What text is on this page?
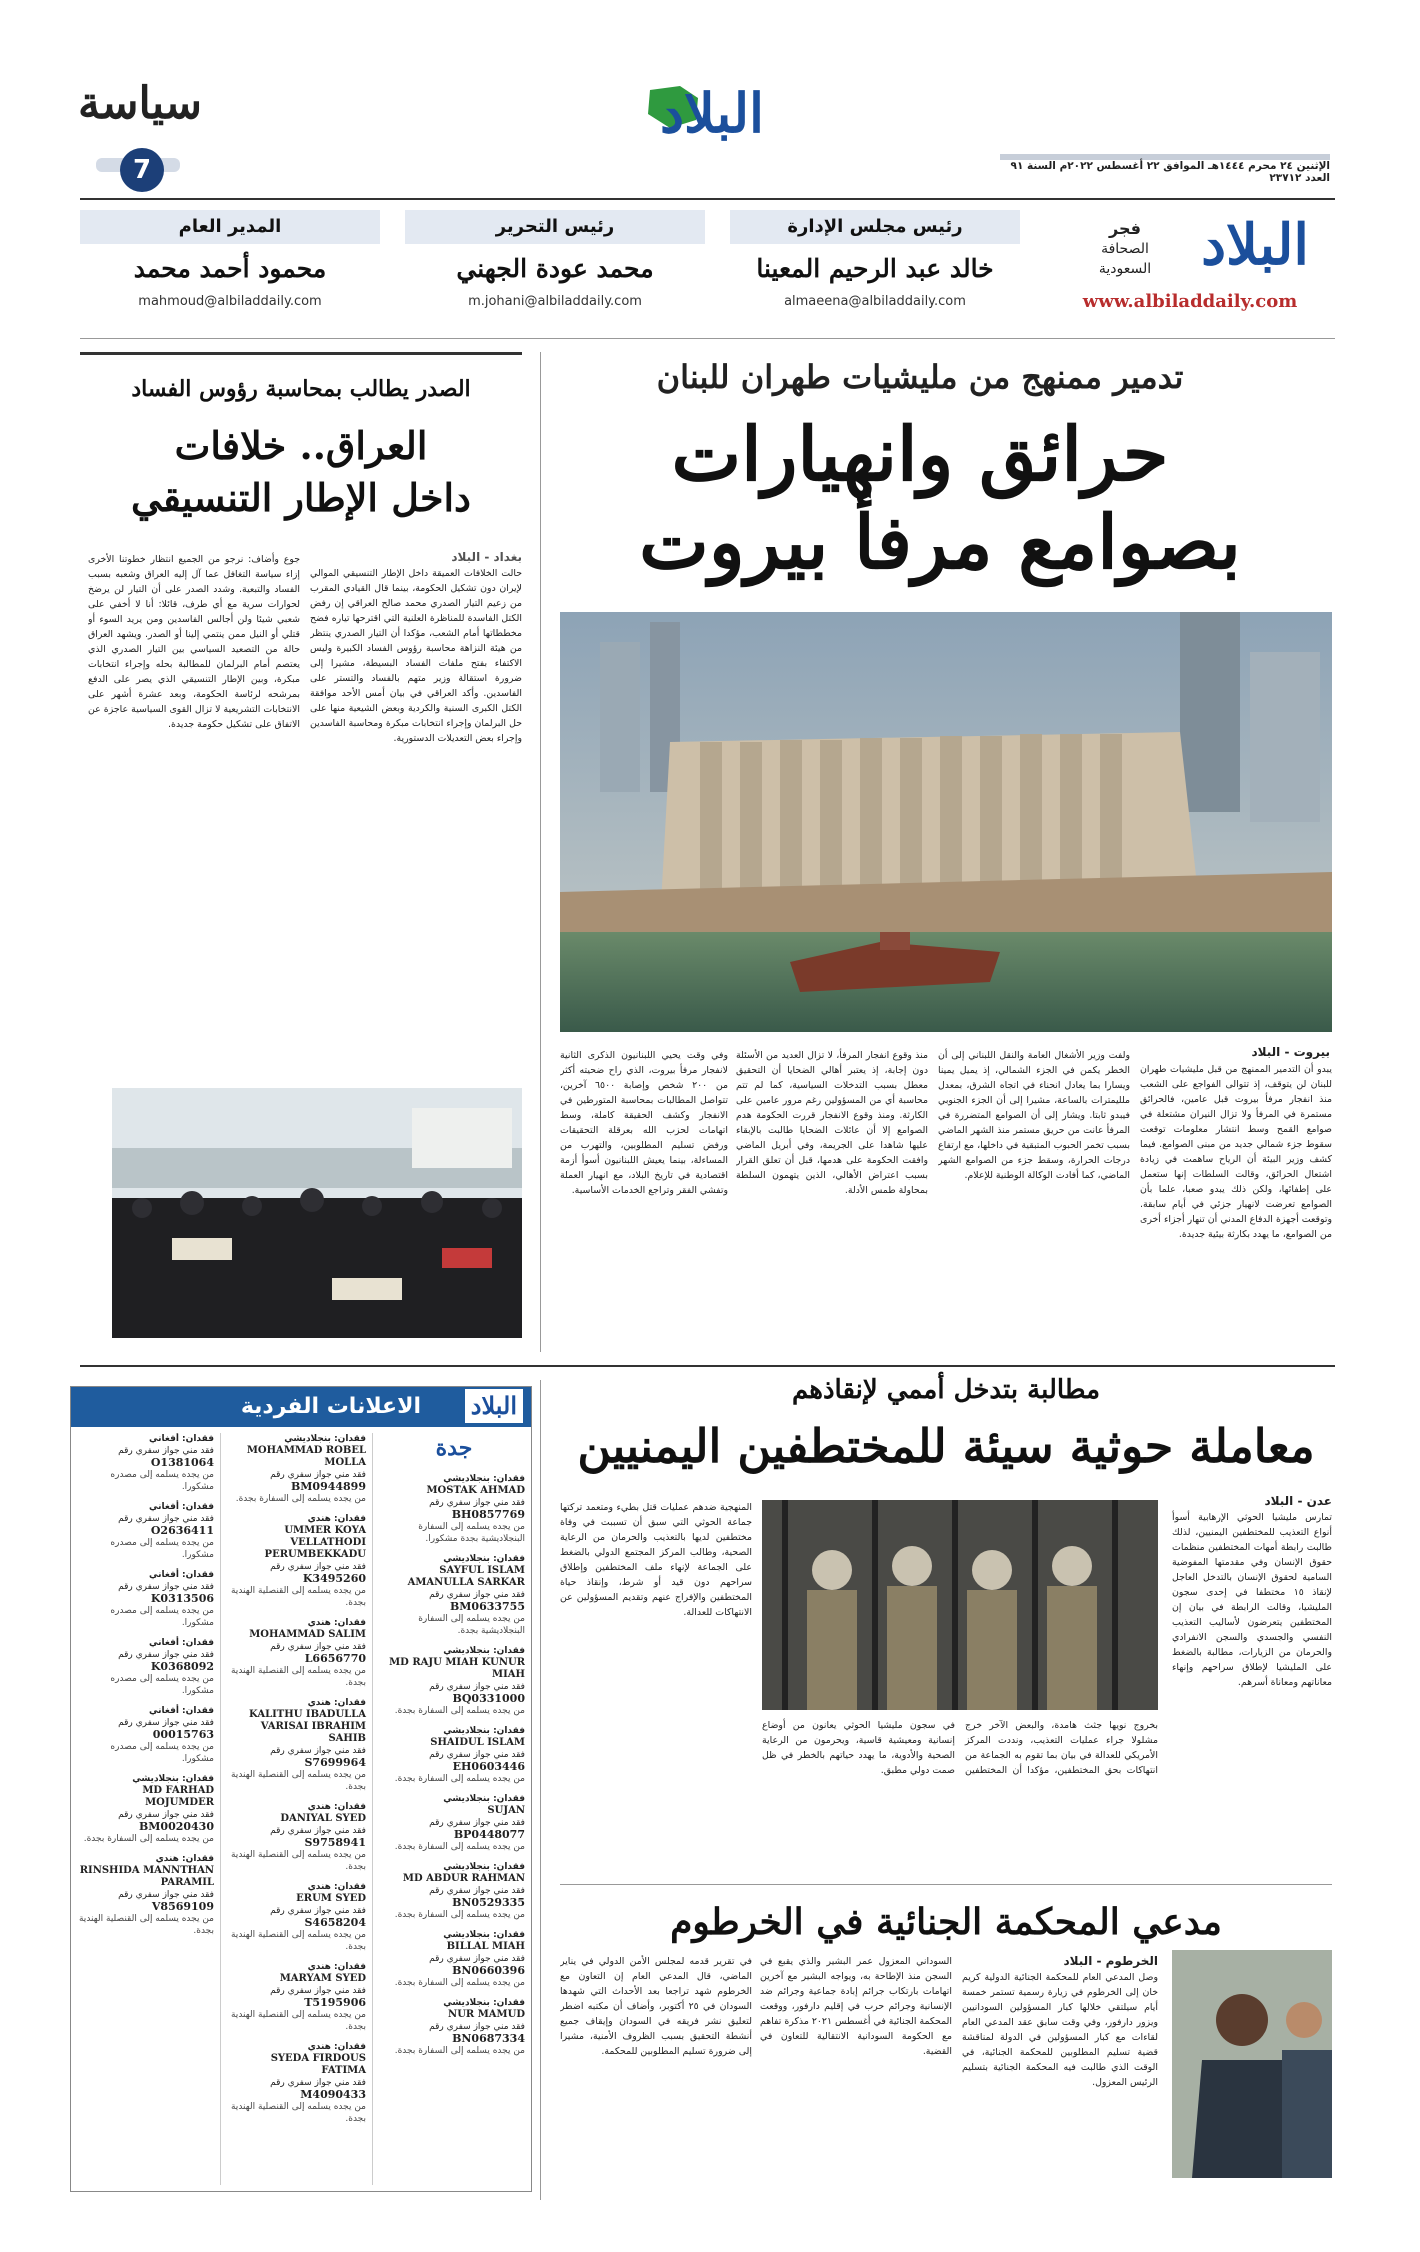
سياسة
7
البلاد
الإثنين ٢٤ محرم ١٤٤٤هـ الموافق ٢٢ أغسطس ٢٠٢٢م السنة ٩١ العدد ٢٣٧١٢
البلاد
فجر
الصحافة
السعودية
www.albiladdaily.com
رئيس مجلس الإدارة
خالد عبد الرحيم المعينا
almaeena@albiladdaily.com
رئيس التحرير
محمد عودة الجهني
m.johani@albiladdaily.com
المدير العام
محمود أحمد محمد
mahmoud@albiladdaily.com
تدمير ممنهج من مليشيات طهران للبنان
حرائق وانهيارات
بصوامع مرفأ بيروت
بيروت - البلاد
يبدو أن التدمير الممنهج من قبل مليشيات طهران للبنان لن يتوقف، إذ تتوالى الفواجع على الشعب منذ انفجار مرفأ بيروت قبل عامين، فالحرائق مستمرة في المرفأ ولا تزال النيران مشتعلة في صوامع القمح وسط انتشار معلومات توقعت سقوط جزء شمالي جديد من مبنى الصوامع. فيما كشف وزير البيئة أن الرياح ساهمت في زيادة اشتعال الحرائق، وقالت السلطات إنها ستعمل على إطفائها، ولكن ذلك يبدو صعبا، علما بأن الصوامع تعرضت لانهيار جزئي في أيام سابقة. وتوقعت أجهزة الدفاع المدني أن تنهار أجزاء أخرى من الصوامع، ما يهدد بكارثة بيئية جديدة.
ولفت وزير الأشغال العامة والنقل اللبناني إلى أن الخطر يكمن في الجزء الشمالي، إذ يميل يمينا ويسارا بما يعادل انحناء في اتجاه الشرق، بمعدل ملليمترات بالساعة، مشيرا إلى أن الجزء الجنوبي فيبدو ثابتا. ويشار إلى أن الصوامع المتضررة في المرفأ عانت من حريق مستمر منذ الشهر الماضي بسبب تخمر الحبوب المتبقية في داخلها، مع ارتفاع درجات الحرارة، وسقط جزء من الصوامع الشهر الماضي، كما أفادت الوكالة الوطنية للإعلام.
منذ وقوع انفجار المرفأ، لا تزال العديد من الأسئلة دون إجابة، إذ يعتبر أهالي الضحايا أن التحقيق معطل بسبب التدخلات السياسية، كما لم تتم محاسبة أي من المسؤولين رغم مرور عامين على الكارثة. ومنذ وقوع الانفجار قررت الحكومة هدم الصوامع إلا أن عائلات الضحايا طالبت بالإبقاء عليها شاهدا على الجريمة، وفي أبريل الماضي وافقت الحكومة على هدمها، قبل أن تعلق القرار بسبب اعتراض الأهالي، الذين يتهمون السلطة بمحاولة طمس الأدلة.
وفي وقت يحيي اللبنانيون الذكرى الثانية لانفجار مرفأ بيروت، الذي راح ضحيته أكثر من ٢٠٠ شخص وإصابة ٦٥٠٠ آخرين، تتواصل المطالبات بمحاسبة المتورطين في الانفجار وكشف الحقيقة كاملة، وسط اتهامات لحزب الله بعرقلة التحقيقات ورفض تسليم المطلوبين، والتهرب من المساءلة، بينما يعيش اللبنانيون أسوأ أزمة اقتصادية في تاريخ البلاد، مع انهيار العملة وتفشي الفقر وتراجع الخدمات الأساسية.
الصدر يطالب بمحاسبة رؤوس الفساد
العراق.. خلافات
داخل الإطار التنسيقي
بغداد - البلاد
حالت الخلافات العميقة داخل الإطار التنسيقي الموالي لإيران دون تشكيل الحكومة، بينما قال القيادي المقرب من زعيم التيار الصدري محمد صالح العراقي إن رفض الكتل الفاسدة للمناظرة العلنية التي اقترحها تياره فضح مخططاتها أمام الشعب، مؤكدا أن التيار الصدري ينتظر من هيئة النزاهة محاسبة رؤوس الفساد الكبيرة وليس الاكتفاء بفتح ملفات الفساد البسيطة، مشيرا إلى ضرورة استقالة وزير متهم بالفساد والتستر على الفاسدين. وأكد العراقي في بيان أمس الأحد موافقة الكتل الكبرى السنية والكردية وبعض الشيعية منها على حل البرلمان وإجراء انتخابات مبكرة ومحاسبة الفاسدين وإجراء بعض التعديلات الدستورية.
جوع وأضاف: نرجو من الجميع انتظار خطوتنا الأخرى إزاء سياسة التغافل عما آل إليه العراق وشعبه بسبب الفساد والتبعية. وشدد الصدر على أن التيار لن يرضخ لحوارات سرية مع أي طرف، قائلا: أنا لا أخفي على شعبي شيئا ولن أجالس الفاسدين ومن يريد السوء أو قتلي أو النيل ممن ينتمي إلينا أو الصدر. ويشهد العراق حالة من التصعيد السياسي بين التيار الصدري الذي يعتصم أمام البرلمان للمطالبة بحله وإجراء انتخابات مبكرة، وبين الإطار التنسيقي الذي يصر على الدفع بمرشحه لرئاسة الحكومة، وبعد عشرة أشهر على الانتخابات التشريعية لا تزال القوى السياسية عاجزة عن الاتفاق على تشكيل حكومة جديدة.
مطالبة بتدخل أممي لإنقاذهم
معاملة حوثية سيئة للمختطفين اليمنيين
عدن - البلاد
تمارس مليشيا الحوثي الإرهابية أسوأ أنواع التعذيب للمختطفين اليمنيين، لذلك طالبت رابطة أمهات المختطفين منظمات حقوق الإنسان وفي مقدمتها المفوضية السامية لحقوق الإنسان بالتدخل العاجل لإنقاذ ١٥ مختطفا في إحدى سجون المليشيا، وقالت الرابطة في بيان إن المختطفين يتعرضون لأساليب التعذيب النفسي والجسدي والسجن الانفرادي والحرمان من الزيارات، مطالبة بالضغط على المليشيا لإطلاق سراحهم وإنهاء معاناتهم ومعاناة أسرهم.
بخروج نويها جثث هامدة، والبعض الآخر خرج مشلولا جراء عمليات التعذيب، ونددت المركز الأمريكي للعدالة في بيان بما تقوم به الجماعة من انتهاكات بحق المختطفين، مؤكدا أن المختطفين في سجون مليشيا الحوثي يعانون من أوضاع إنسانية ومعيشية قاسية، ويحرمون من الرعاية الصحية والأدوية، ما يهدد حياتهم بالخطر في ظل صمت دولي مطبق.
المنهجية ضدهم عمليات قتل بطيء ومتعمد تركتها جماعة الحوثي التي سبق أن تسببت في وفاة مختطفين لديها بالتعذيب والحرمان من الرعاية الصحية، وطالب المركز المجتمع الدولي بالضغط على الجماعة لإنهاء ملف المختطفين وإطلاق سراحهم دون قيد أو شرط، وإنقاذ حياة المختطفين والإفراج عنهم وتقديم المسؤولين عن الانتهاكات للعدالة.
مدعي المحكمة الجنائية في الخرطوم
الخرطوم - البلاد
وصل المدعي العام للمحكمة الجنائية الدولية كريم خان إلى الخرطوم في زيارة رسمية تستمر خمسة أيام سيلتقي خلالها كبار المسؤولين السودانيين ويزور دارفور، وفي وقت سابق عقد المدعي العام لقاءات مع كبار المسؤولين في الدولة لمناقشة قضية تسليم المطلوبين للمحكمة الجنائية، في الوقت الذي طالبت فيه المحكمة الجنائية بتسليم الرئيس المعزول.
السوداني المعزول عمر البشير والذي يقبع في السجن منذ الإطاحة به، ويواجه البشير مع آخرين اتهامات بارتكاب جرائم إبادة جماعية وجرائم ضد الإنسانية وجرائم حرب في إقليم دارفور، ووقعت المحكمة الجنائية في أغسطس ٢٠٢١ مذكرة تفاهم مع الحكومة السودانية الانتقالية للتعاون في القضية.
في تقرير قدمه لمجلس الأمن الدولي في يناير الماضي، قال المدعي العام إن التعاون مع الخرطوم شهد تراجعا بعد الأحداث التي شهدها السودان في ٢٥ أكتوبر، وأضاف أن مكتبه اضطر لتعليق نشر فريقه في السودان وإيقاف جميع أنشطة التحقيق بسبب الظروف الأمنية، مشيرا إلى ضرورة تسليم المطلوبين للمحكمة.
البلاد
الاعلانات الفردية
جدة
فقدان: بنجلاديشي
MOSTAK AHMAD
فقد مني جواز سفري رقم
BH0857769
من يجده يسلمه إلى السفارة البنجلاديشية بجدة مشكورا.
فقدان: بنجلاديشي
SAYFUL ISLAM AMANULLA SARKAR
فقد مني جواز سفري رقم
BM0633755
من يجده يسلمه إلى السفارة البنجلاديشية بجدة.
فقدان: بنجلاديشي
MD RAJU MIAH KUNUR MIAH
فقد مني جواز سفري رقم
BQ0331000
من يجده يسلمه إلى السفارة بجدة.
فقدان: بنجلاديشي
SHAIDUL ISLAM
فقد مني جواز سفري رقم
EH0603446
من يجده يسلمه إلى السفارة بجدة.
فقدان: بنجلاديشي
SUJAN
فقد مني جواز سفري رقم
BP0448077
من يجده يسلمه إلى السفارة بجدة.
فقدان: بنجلاديشي
MD ABDUR RAHMAN
فقد مني جواز سفري رقم
BN0529335
من يجده يسلمه إلى السفارة بجدة.
فقدان: بنجلاديشي
BILLAL MIAH
فقد مني جواز سفري رقم
BN0660396
من يجده يسلمه إلى السفارة بجدة.
فقدان: بنجلاديشي
NUR MAMUD
فقد مني جواز سفري رقم
BN0687334
من يجده يسلمه إلى السفارة بجدة.
فقدان: بنجلاديشي
MOHAMMAD ROBEL MOLLA
فقد مني جواز سفري رقم
BM0944899
من يجده يسلمه إلى السفارة بجدة.
فقدان: هندي
UMMER KOYA VELLATHODI PERUMBEKKADU
فقد مني جواز سفري رقم
K3495260
من يجده يسلمه إلى القنصلية الهندية بجدة.
فقدان: هندي
MOHAMMAD SALIM
فقد مني جواز سفري رقم
L6656770
من يجده يسلمه إلى القنصلية الهندية بجدة.
فقدان: هندي
KALITHU IBADULLA VARISAI IBRAHIM SAHIB
فقد مني جواز سفري رقم
S7699964
من يجده يسلمه إلى القنصلية الهندية بجدة.
فقدان: هندي
DANIYAL SYED
فقد مني جواز سفري رقم
S9758941
من يجده يسلمه إلى القنصلية الهندية بجدة.
فقدان: هندي
ERUM SYED
فقد مني جواز سفري رقم
S4658204
من يجده يسلمه إلى القنصلية الهندية بجدة.
فقدان: هندي
MARYAM SYED
فقد مني جواز سفري رقم
T5195906
من يجده يسلمه إلى القنصلية الهندية بجدة.
فقدان: هندي
SYEDA FIRDOUS FATIMA
فقد مني جواز سفري رقم
M4090433
من يجده يسلمه إلى القنصلية الهندية بجدة.
فقدان: أفغاني
فقد مني جواز سفري رقم
O1381064
من يجده يسلمه إلى مصدره مشكورا.
فقدان: أفغاني
فقد مني جواز سفري رقم
O2636411
من يجده يسلمه إلى مصدره مشكورا.
فقدان: أفغاني
فقد مني جواز سفري رقم
K0313506
من يجده يسلمه إلى مصدره مشكورا.
فقدان: أفغاني
فقد مني جواز سفري رقم
K0368092
من يجده يسلمه إلى مصدره مشكورا.
فقدان: أفغاني
فقد مني جواز سفري رقم
00015763
من يجده يسلمه إلى مصدره مشكورا.
فقدان: بنجلاديشي
MD FARHAD MOJUMDER
فقد مني جواز سفري رقم
BM0020430
من يجده يسلمه إلى السفارة بجدة.
فقدان: هندي
RINSHIDA MANNTHAN PARAMIL
فقد مني جواز سفري رقم
V8569109
من يجده يسلمه إلى القنصلية الهندية بجدة.
